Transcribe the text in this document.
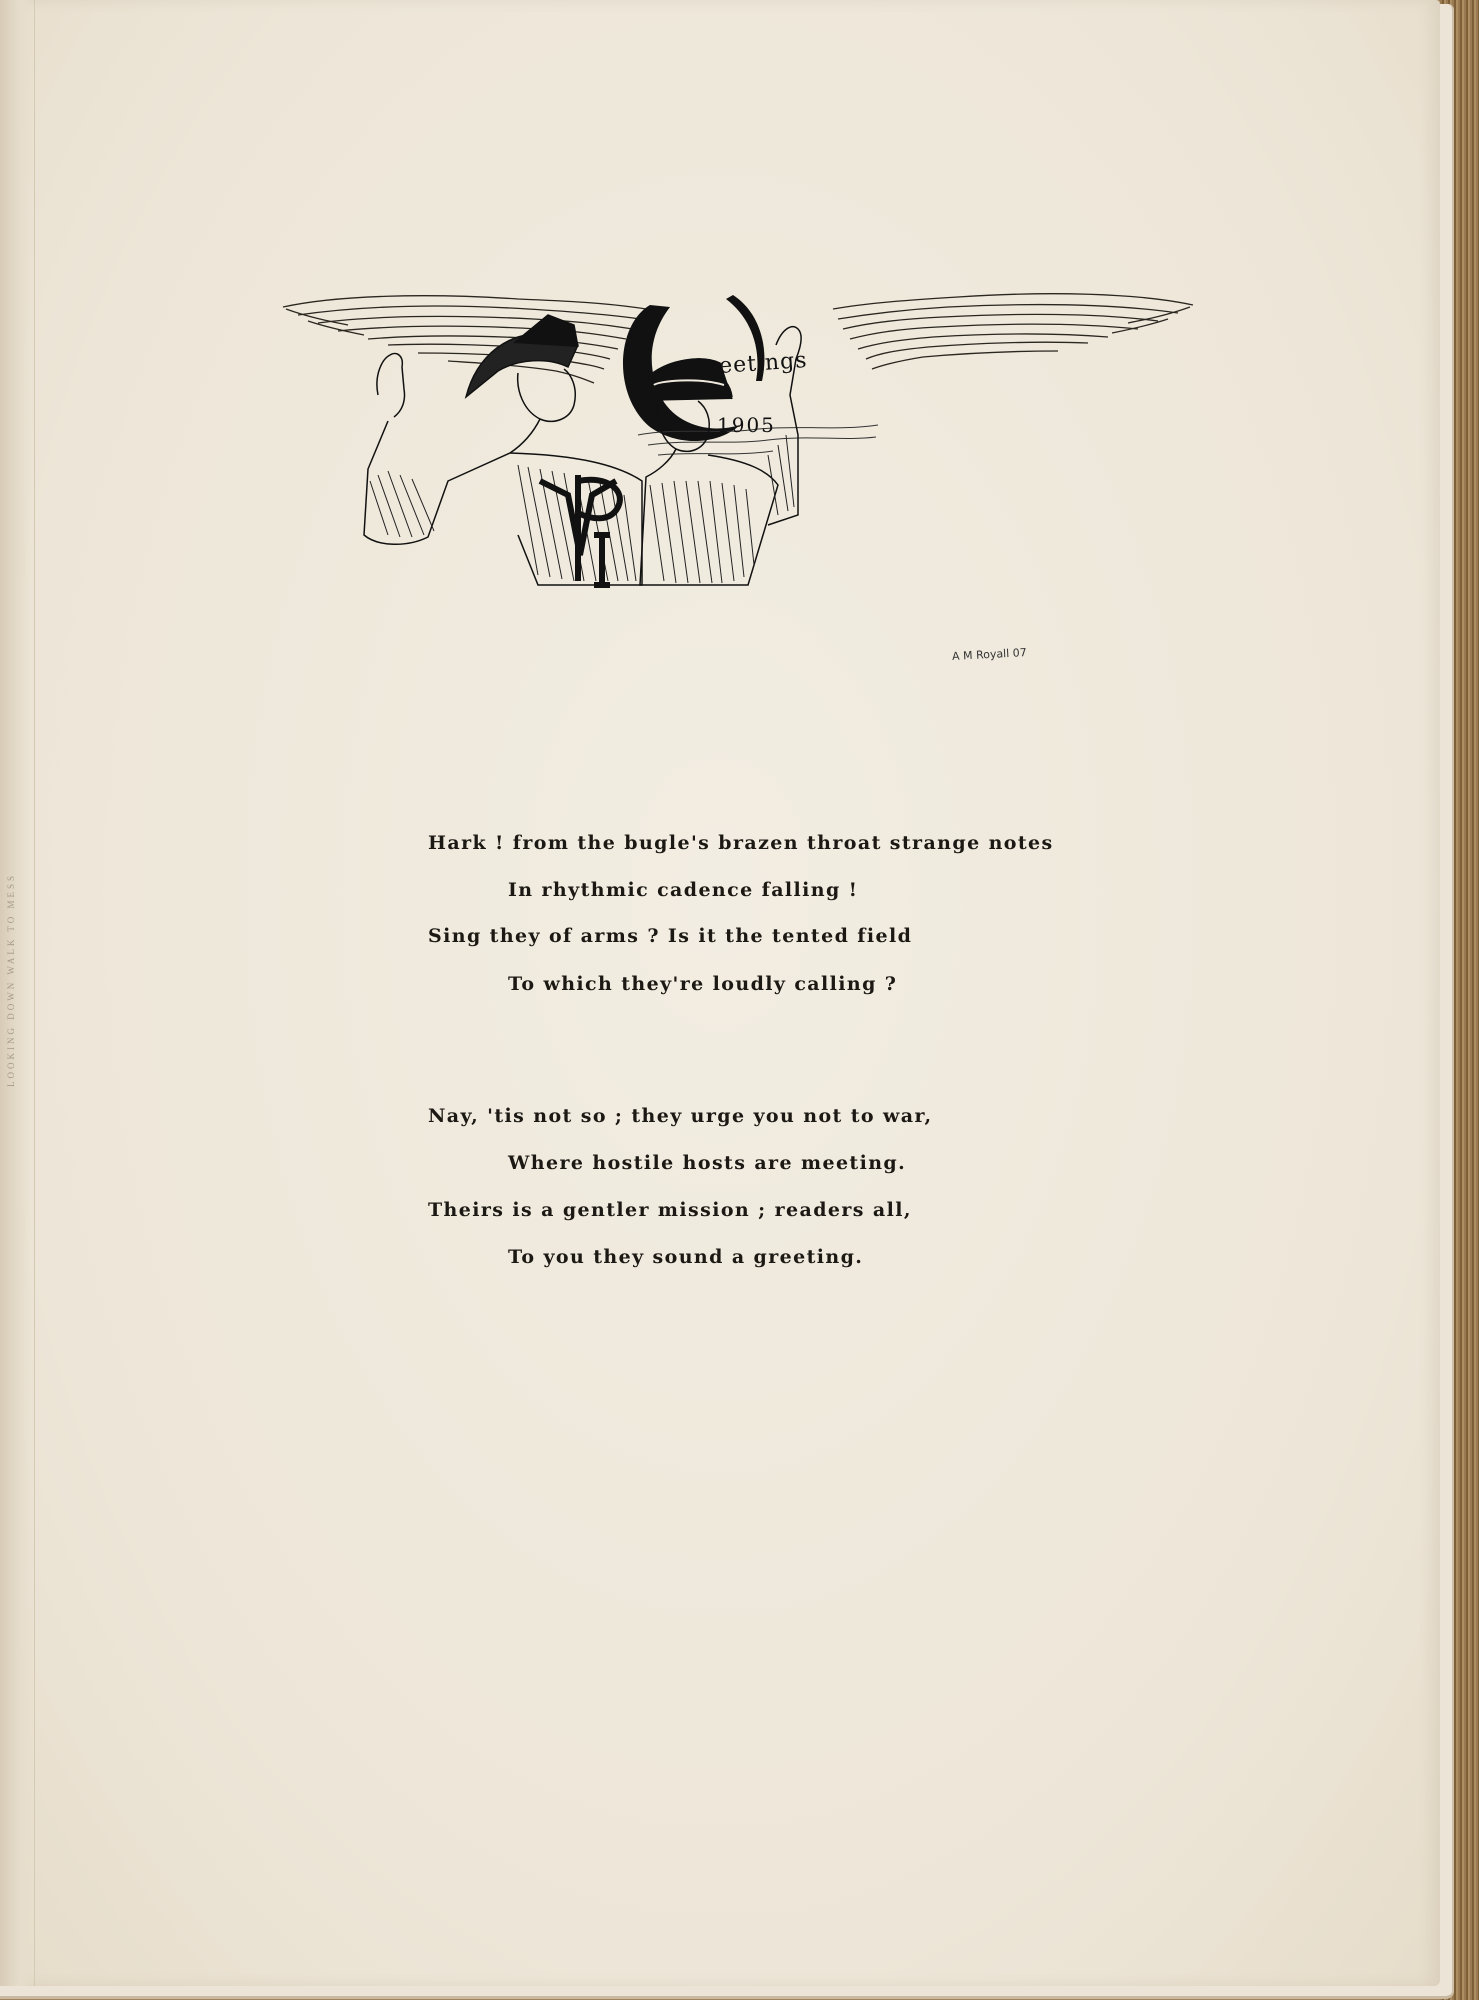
LOOKING DOWN WALK TO MESS
Greetings
1905
A M Royall 07
Hark ! from the bugle's brazen throat strange notes
In rhythmic cadence falling !
Sing they of arms ? Is it the tented field
To which they're loudly calling ?
Nay, 'tis not so ; they urge you not to war,
Where hostile hosts are meeting.
Theirs is a gentler mission ; readers all,
To you they sound a greeting.
